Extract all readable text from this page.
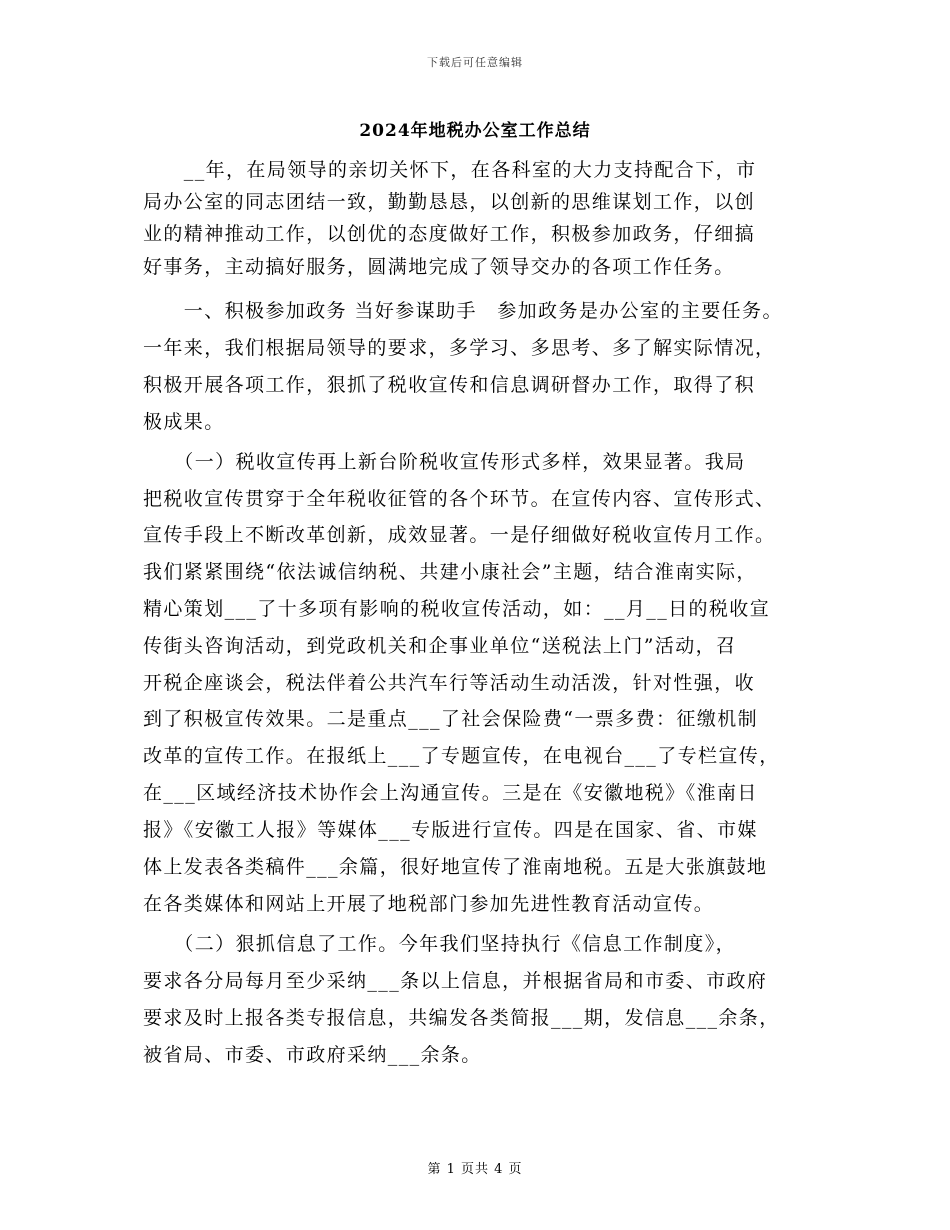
下载后可任意编辑
2024年地税办公室工作总结
　　__年，在局领导的亲切关怀下，在各科室的大力支持配合下，市
局办公室的同志团结一致，勤勤恳恳，以创新的思维谋划工作，以创
业的精神推动工作，以创优的态度做好工作，积极参加政务，仔细搞
好事务，主动搞好服务，圆满地完成了领导交办的各项工作任务。
　　一、积极参加政务 当好参谋助手　参加政务是办公室的主要任务。
一年来，我们根据局领导的要求，多学习、多思考、多了解实际情况，
积极开展各项工作，狠抓了税收宣传和信息调研督办工作，取得了积
极成果。
　　（一）税收宣传再上新台阶税收宣传形式多样，效果显著。我局
把税收宣传贯穿于全年税收征管的各个环节。在宣传内容、宣传形式、
宣传手段上不断改革创新，成效显著。一是仔细做好税收宣传月工作。
我们紧紧围绕“依法诚信纳税、共建小康社会”主题，结合淮南实际，
精心策划___了十多项有影响的税收宣传活动，如：__月__日的税收宣
传街头咨询活动，到党政机关和企事业单位“送税法上门”活动，召
开税企座谈会，税法伴着公共汽车行等活动生动活泼，针对性强，收
到了积极宣传效果。二是重点___了社会保险费“一票多费：征缴机制
改革的宣传工作。在报纸上___了专题宣传，在电视台___了专栏宣传，
在___区域经济技术协作会上沟通宣传。三是在《安徽地税》《淮南日
报》《安徽工人报》等媒体___专版进行宣传。四是在国家、省、市媒
体上发表各类稿件___余篇，很好地宣传了淮南地税。五是大张旗鼓地
在各类媒体和网站上开展了地税部门参加先进性教育活动宣传。
　　（二）狠抓信息了工作。今年我们坚持执行《信息工作制度》，
要求各分局每月至少采纳___条以上信息，并根据省局和市委、市政府
要求及时上报各类专报信息，共编发各类简报___期，发信息___余条，
被省局、市委、市政府采纳___余条。
第 1 页共 4 页
